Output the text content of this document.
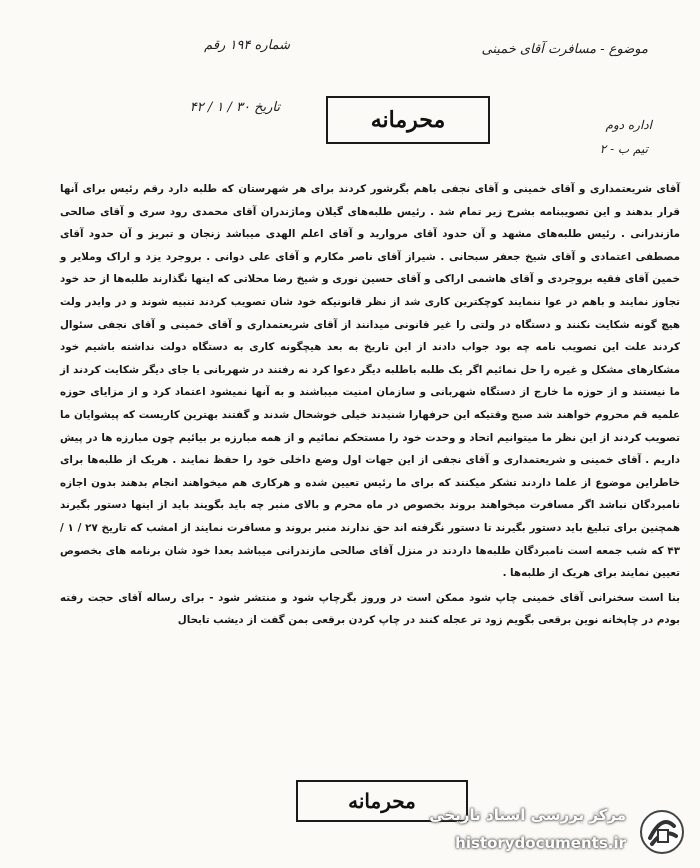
موضوع - مسافرت آقای خمینی
شماره ۱۹۴ رقم
تاریخ ۳۰ / ۱ / ۴۲
اداره دوم
تیم ب - ۲
محرمانه

آقای شریعتمداری و آقای خمینی و آقای نجفی باهم بگرشور کردند برای هر شهرستان که طلبه دارد رقم رئیس برای آنها قرار بدهند و این تصویبنامه بشرح زیر تمام شد . رئیس طلبه‌های گیلان وماژندران آقای محمدی رود سری و آقای صالحی مازندرانی . رئیس طلبه‌های مشهد و آن حدود آقای مروارید و آقای اعلم الهدی میباشد زنجان و تبریز و آن حدود آقای مصطفی اعتمادی و آقای شیخ جعفر سبحانی . شیراز آقای ناصر مکارم و آقای علی دوانی . بروجرد یزد و اراک وملایر و خمین آقای فقیه بروجردی و آقای هاشمی اراکی و آقای حسین نوری و شیخ رضا محلاتی که اینها نگذارند طلبه‌ها از حد خود تجاوز نمایند و باهم در عوا ننمایند کوچکترین کاری شد از نظر قانونیکه خود شان تصویب کردند تنبیه شوند و در وایدر ولت هیچ گونه شکایت نکنند و دستگاه در ولتی را غیر قانونی میدانند از آقای شریعتمداری و آقای خمینی و آقای نجفی سئوال کردند علت این تصویب نامه چه بود جواب دادند از این تاریخ به بعد هیچگونه کاری به دستگاه دولت نداشته باشیم خود مشکارهای مشکل و غیره را حل نمائیم اگر یک طلبه باطلبه دیگر دعوا کرد نه رفتند در شهربانی یا جای دیگر شکایت کردند از ما نیستند و از حوزه ما خارج از دستگاه شهربانی و سازمان امنیت میباشند و به آنها نمیشود اعتماد کرد و از مزایای حوزه علمیه قم محروم خواهند شد صبح وقتیکه این حرفهارا شنیدند خیلی خوشحال شدند و گفتند بهترین کاریست که پیشوایان ما تصویب کردند از این نظر ما میتوانیم اتحاد و وحدت خود را مستحکم نمائیم و از همه مبارزه بر بیائیم چون مبارزه ها در پیش داریم . آقای خمینی و شریعتمداری و آقای نجفی از این جهات اول وضع داخلی خود را حفظ نمایند . هریک از طلبه‌ها برای خاطراین موضوع از علما داردند تشکر میکنند که برای ما رئیس تعیین شده و هرکاری هم میخواهند انجام بدهند بدون اجازه نامبردگان نباشد اگر مسافرت میخواهند بروند بخصوص در ماه محرم و بالای منبر چه باید بگویند باید از اینها دستور بگیرند همچنین برای تبلیغ باید دستور بگیرند تا دستور نگرفته اند حق ندارند منبر بروند و مسافرت نمایند از امشب که تاریخ ۲۷ / ۱ / ۴۳ که شب جمعه است نامبردگان طلبه‌ها داردند در منزل آقای صالحی مازندرانی میباشد بعدا خود شان برنامه های بخصوص تعیین نمایند برای هریک از طلبه‌ها .

بنا است سخنرانی آقای خمینی چاپ شود ممکن است در وروز بگرچاپ شود و منتشر شود - برای رساله آقای حجت رفته بودم در چاپخانه نوین برقعی بگویم زود تر عجله کنند در چاپ کردن برقعی بمن گفت از دیشب تابحال

محرمانه
مرکز بررسی اسناد تاریخی
historydocuments.ir
